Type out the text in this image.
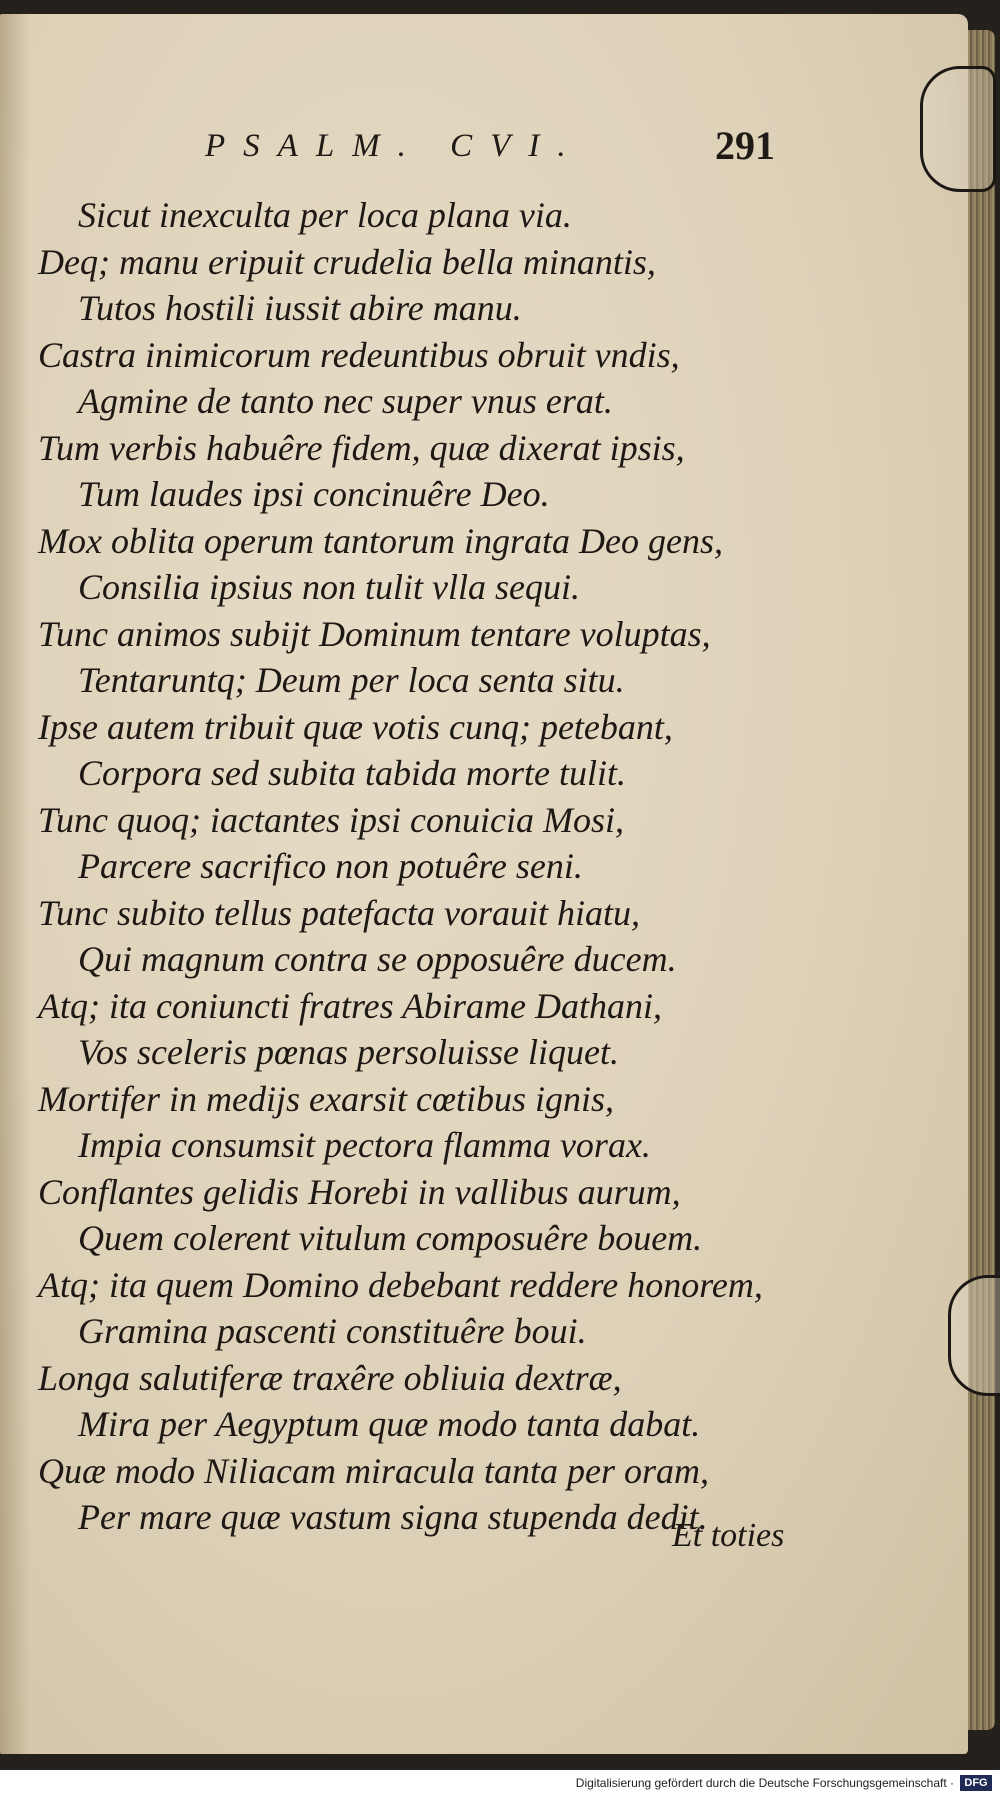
PSALM. CVI.	291
Sicut inexculta per loca plana via.
Deq; manu eripuit crudelia bella minantis,
Tutos hostili iussit abire manu.
Castra inimicorum redeuntibus obruit vndis,
Agmine de tanto nec super vnus erat.
Tum verbis habuêre fidem, quæ dixerat ipsis,
Tum laudes ipsi concinuêre Deo.
Mox oblita operum tantorum ingrata Deo gens,
Consilia ipsius non tulit vlla sequi.
Tunc animos subijt Dominum tentare voluptas,
Tentaruntq; Deum per loca senta situ.
Ipse autem tribuit quæ votis cunq; petebant,
Corpora sed subita tabida morte tulit.
Tunc quoq; iactantes ipsi conuicia Mosi,
Parcere sacrifico non potuêre seni.
Tunc subito tellus patefacta vorauit hiatu,
Qui magnum contra se opposuêre ducem.
Atq; ita coniuncti fratres Abirame Dathani,
Vos sceleris pœnas persoluisse liquet.
Mortifer in medijs exarsit cœtibus ignis,
Impia consumsit pectora flamma vorax.
Conflantes gelidis Horebi in vallibus aurum,
Quem colerent vitulum composuêre bouem.
Atq; ita quem Domino debebant reddere honorem,
Gramina pascenti constituêre boui.
Longa salutiferæ traxêre obliuia dextræ,
Mira per Aegyptum quæ modo tanta dabat.
Quæ modo Niliacam miracula tanta per oram,
Per mare quæ vastum signa stupenda dedit.
Et toties
Digitalisierung gefördert durch die Deutsche Forschungsgemeinschaft · DFG
